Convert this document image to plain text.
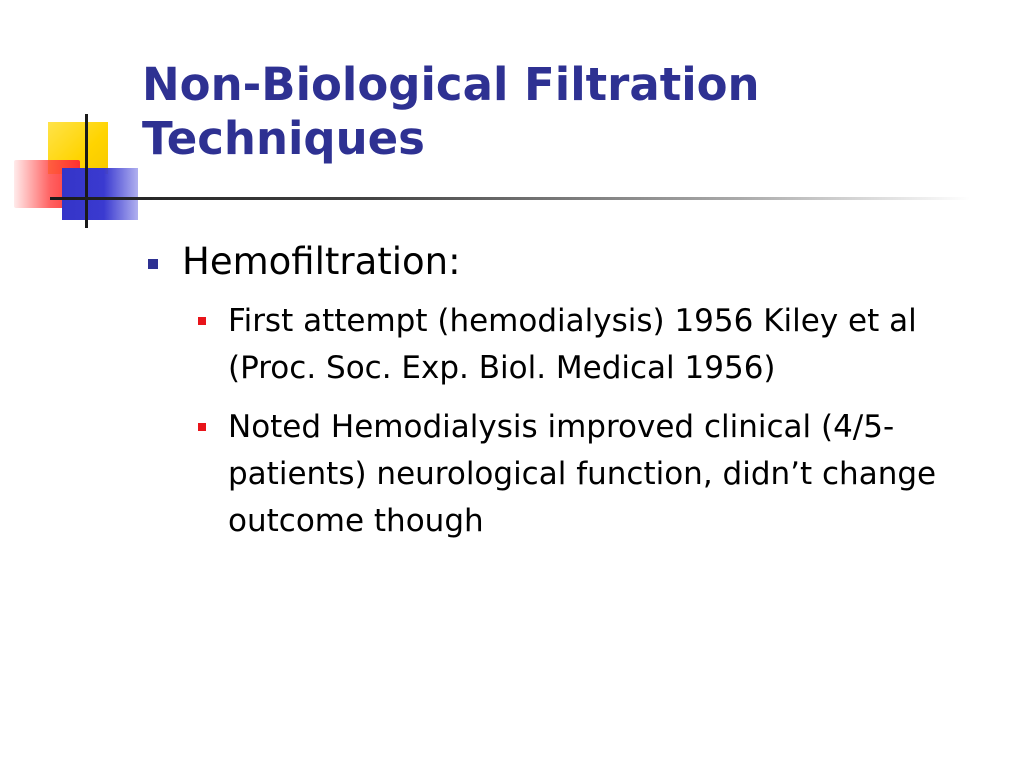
Non-Biological Filtration
Techniques
Hemofiltration:
First attempt (hemodialysis) 1956 Kiley et al (Proc. Soc. Exp. Biol. Medical 1956)
Noted Hemodialysis improved clinical (4/5-patients) neurological function, didn’t change outcome though
